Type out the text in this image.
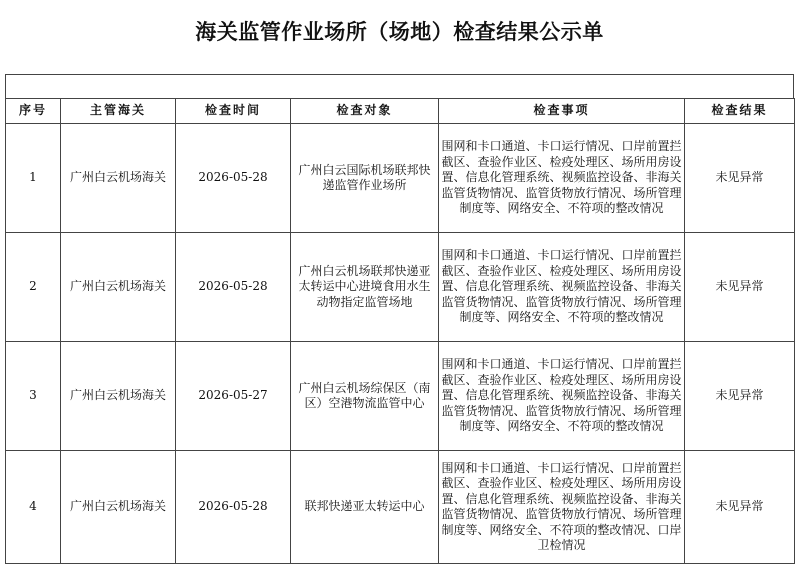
海关监管作业场所（场地）检查结果公示单
序号	主管海关	检查时间	检查对象	检查事项	检查结果
1	广州白云机场海关	2026-05-28	广州白云国际机场联邦快递监管作业场所	围网和卡口通道、卡口运行情况、口岸前置拦截区、查验作业区、检疫处理区、场所用房设置、信息化管理系统、视频监控设备、非海关监管货物情况、监管货物放行情况、场所管理制度等、网络安全、不符项的整改情况	未见异常
2	广州白云机场海关	2026-05-28	广州白云机场联邦快递亚太转运中心进境食用水生动物指定监管场地	围网和卡口通道、卡口运行情况、口岸前置拦截区、查验作业区、检疫处理区、场所用房设置、信息化管理系统、视频监控设备、非海关监管货物情况、监管货物放行情况、场所管理制度等、网络安全、不符项的整改情况	未见异常
3	广州白云机场海关	2026-05-27	广州白云机场综保区（南区）空港物流监管中心	围网和卡口通道、卡口运行情况、口岸前置拦截区、查验作业区、检疫处理区、场所用房设置、信息化管理系统、视频监控设备、非海关监管货物情况、监管货物放行情况、场所管理制度等、网络安全、不符项的整改情况	未见异常
4	广州白云机场海关	2026-05-28	联邦快递亚太转运中心	围网和卡口通道、卡口运行情况、口岸前置拦截区、查验作业区、检疫处理区、场所用房设置、信息化管理系统、视频监控设备、非海关监管货物情况、监管货物放行情况、场所管理制度等、网络安全、不符项的整改情况、口岸卫检情况	未见异常
